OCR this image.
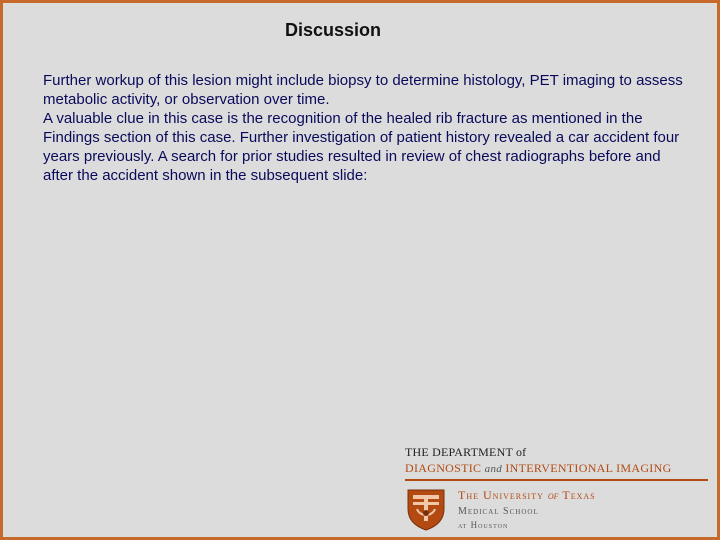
Discussion

Further workup of this lesion might include biopsy to determine histology, PET imaging to assess metabolic activity, or observation over time.

A valuable clue in this case is the recognition of the healed rib fracture as mentioned in the Findings section of this case. Further investigation of patient history revealed a car accident four years previously. A search for prior studies resulted in review of chest radiographs before and after the accident shown in the subsequent slide:

THE DEPARTMENT of
DIAGNOSTIC and INTERVENTIONAL IMAGING
The University of Texas
Medical School
at Houston
